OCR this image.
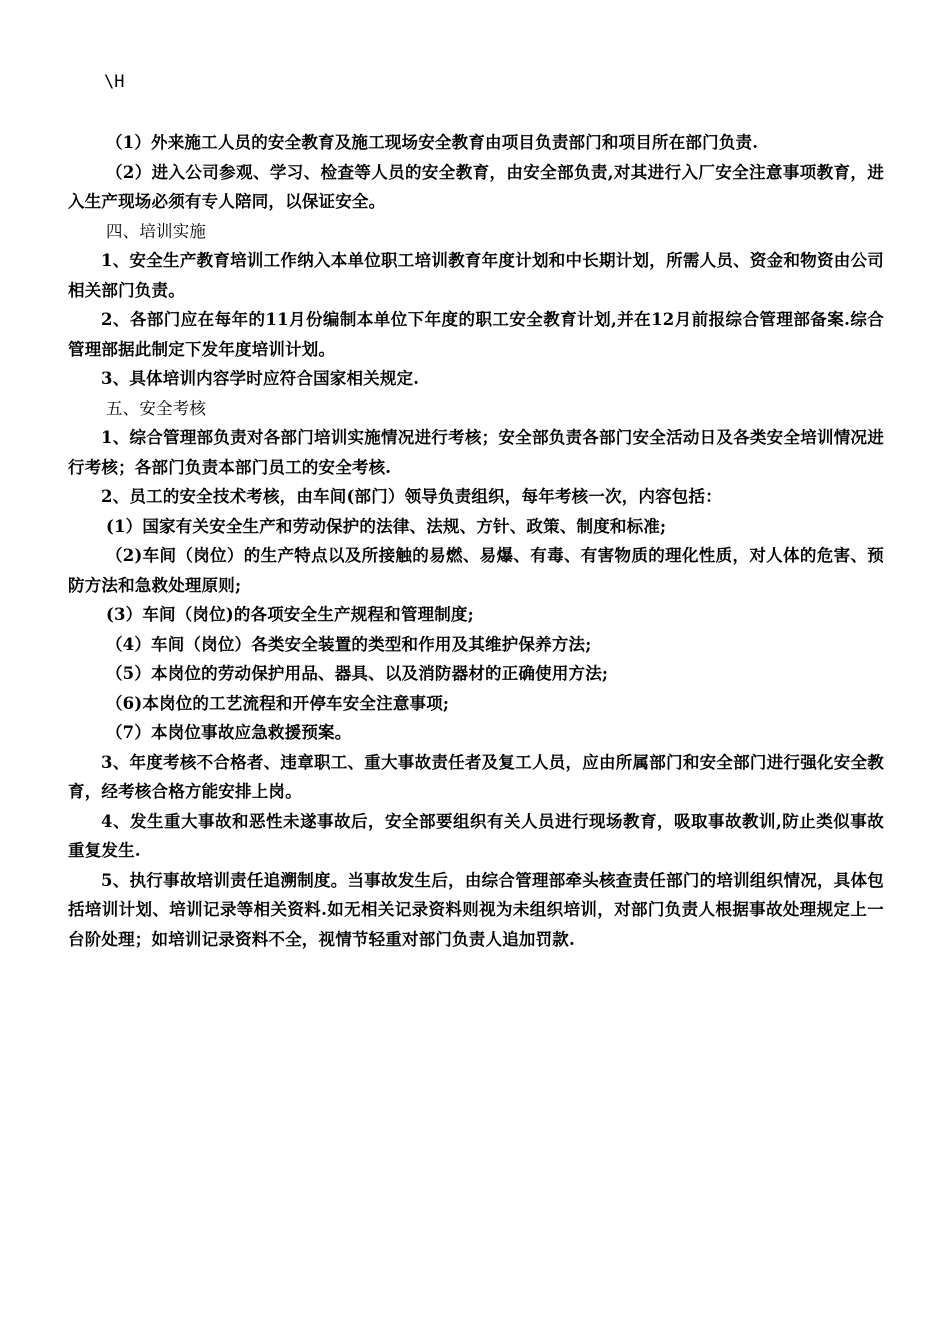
\H

（1）外来施工人员的安全教育及施工现场安全教育由项目负责部门和项目所在部门负责.

（2）进入公司参观、学习、检查等人员的安全教育，由安全部负责,对其进行入厂安全注意事项教育，进入生产现场必须有专人陪同，以保证安全。

四、培训实施

1、安全生产教育培训工作纳入本单位职工培训教育年度计划和中长期计划，所需人员、资金和物资由公司相关部门负责。

2、各部门应在每年的11月份编制本单位下年度的职工安全教育计划,并在12月前报综合管理部备案.综合管理部据此制定下发年度培训计划。

3、具体培训内容学时应符合国家相关规定.

五、安全考核

1、综合管理部负责对各部门培训实施情况进行考核；安全部负责各部门安全活动日及各类安全培训情况进行考核；各部门负责本部门员工的安全考核.

2、员工的安全技术考核，由车间(部门）领导负责组织，每年考核一次，内容包括：

(1）国家有关安全生产和劳动保护的法律、法规、方针、政策、制度和标准;

（2)车间（岗位）的生产特点以及所接触的易燃、易爆、有毒、有害物质的理化性质，对人体的危害、预防方法和急救处理原则;

(3）车间（岗位)的各项安全生产规程和管理制度;

（4）车间（岗位）各类安全装置的类型和作用及其维护保养方法;

（5）本岗位的劳动保护用品、器具、以及消防器材的正确使用方法;

（6)本岗位的工艺流程和开停车安全注意事项;

（7）本岗位事故应急救援预案。

3、年度考核不合格者、违章职工、重大事故责任者及复工人员，应由所属部门和安全部门进行强化安全教育，经考核合格方能安排上岗。

4、发生重大事故和恶性未遂事故后，安全部要组织有关人员进行现场教育，吸取事故教训,防止类似事故重复发生.

5、执行事故培训责任追溯制度。当事故发生后，由综合管理部牵头核查责任部门的培训组织情况，具体包括培训计划、培训记录等相关资料.如无相关记录资料则视为未组织培训，对部门负责人根据事故处理规定上一台阶处理；如培训记录资料不全，视情节轻重对部门负责人追加罚款.
